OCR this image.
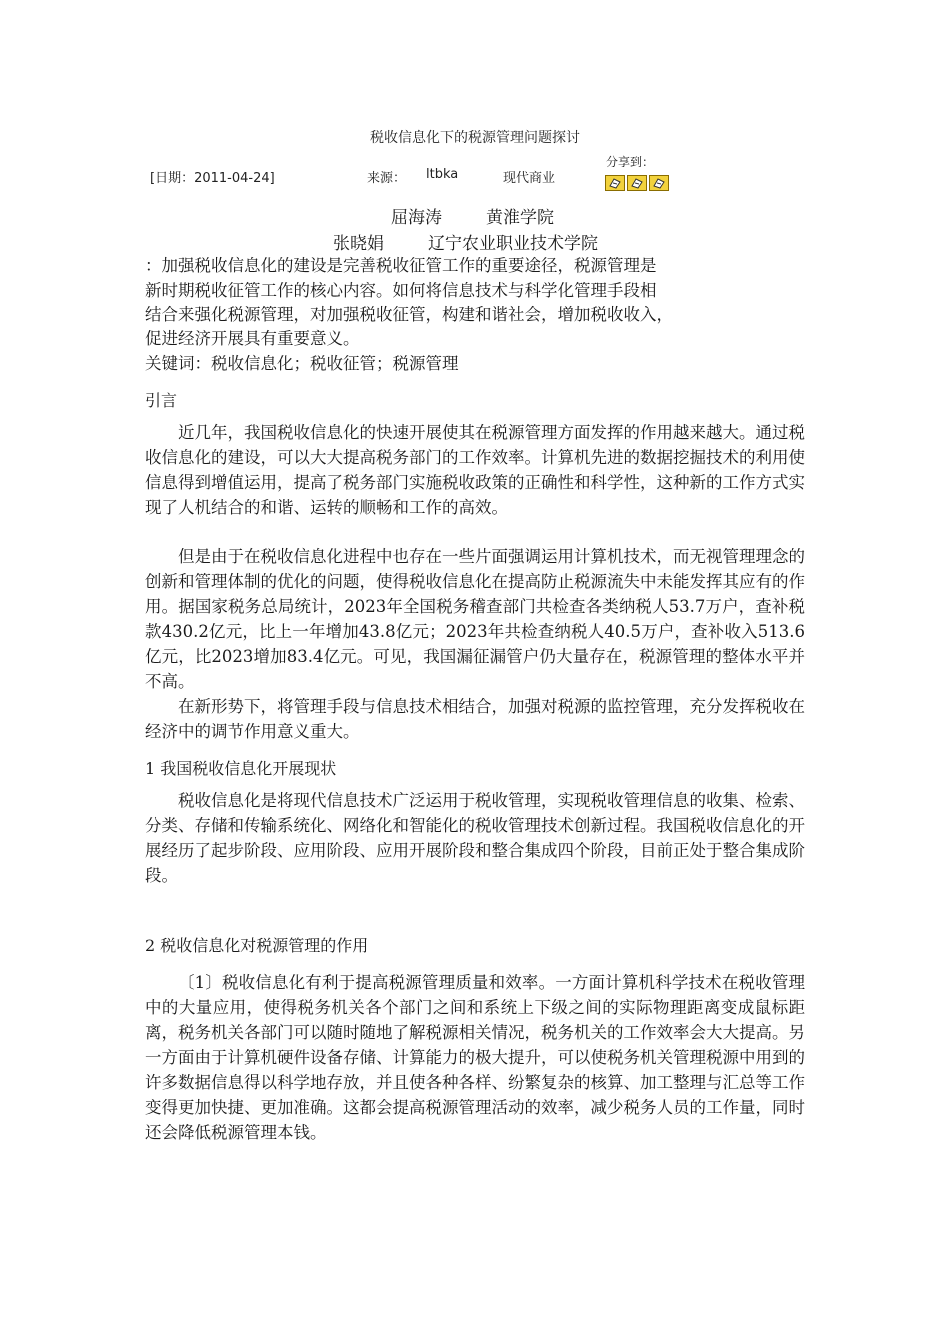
税收信息化下的税源管理问题探讨
[日期：2011-04-24]	来源： ltbka	现代商业
分享到：
屈海涛	黄淮学院
张晓娟	辽宁农业职业技术学院

：加强税收信息化的建设是完善税收征管工作的重要途径，税源管理是

新时期税收征管工作的核心内容。如何将信息技术与科学化管理手段相

结合来强化税源管理，对加强税收征管，构建和谐社会，增加税收收入，

促进经济开展具有重要意义。

关键词：税收信息化；税收征管；税源管理

引言

近几年，我国税收信息化的快速开展使其在税源管理方面发挥的作用越来越大。通过税收信息化的建设，可以大大提高税务部门的工作效率。计算机先进的数据挖掘技术的利用使信息得到增值运用，提高了税务部门实施税收政策的正确性和科学性，这种新的工作方式实现了人机结合的和谐、运转的顺畅和工作的高效。

但是由于在税收信息化进程中也存在一些片面强调运用计算机技术，而无视管理理念的创新和管理体制的优化的问题，使得税收信息化在提高防止税源流失中未能发挥其应有的作用。据国家税务总局统计，2023年全国税务稽查部门共检查各类纳税人53.7万户，查补税款430.2亿元，比上一年增加43.8亿元；2023年共检查纳税人40.5万户，查补收入513.6亿元，比2023增加83.4亿元。可见，我国漏征漏管户仍大量存在，税源管理的整体水平并不高。

在新形势下，将管理手段与信息技术相结合，加强对税源的监控管理，充分发挥税收在经济中的调节作用意义重大。

1 我国税收信息化开展现状

税收信息化是将现代信息技术广泛运用于税收管理，实现税收管理信息的收集、检索、分类、存储和传输系统化、网络化和智能化的税收管理技术创新过程。我国税收信息化的开展经历了起步阶段、应用阶段、应用开展阶段和整合集成四个阶段，目前正处于整合集成阶段。

2 税收信息化对税源管理的作用

〔1〕税收信息化有利于提高税源管理质量和效率。一方面计算机科学技术在税收管理中的大量应用，使得税务机关各个部门之间和系统上下级之间的实际物理距离变成鼠标距离，税务机关各部门可以随时随地了解税源相关情况，税务机关的工作效率会大大提高。另一方面由于计算机硬件设备存储、计算能力的极大提升，可以使税务机关管理税源中用到的许多数据信息得以科学地存放，并且使各种各样、纷繁复杂的核算、加工整理与汇总等工作变得更加快捷、更加准确。这都会提高税源管理活动的效率，减少税务人员的工作量，同时还会降低税源管理本钱。
